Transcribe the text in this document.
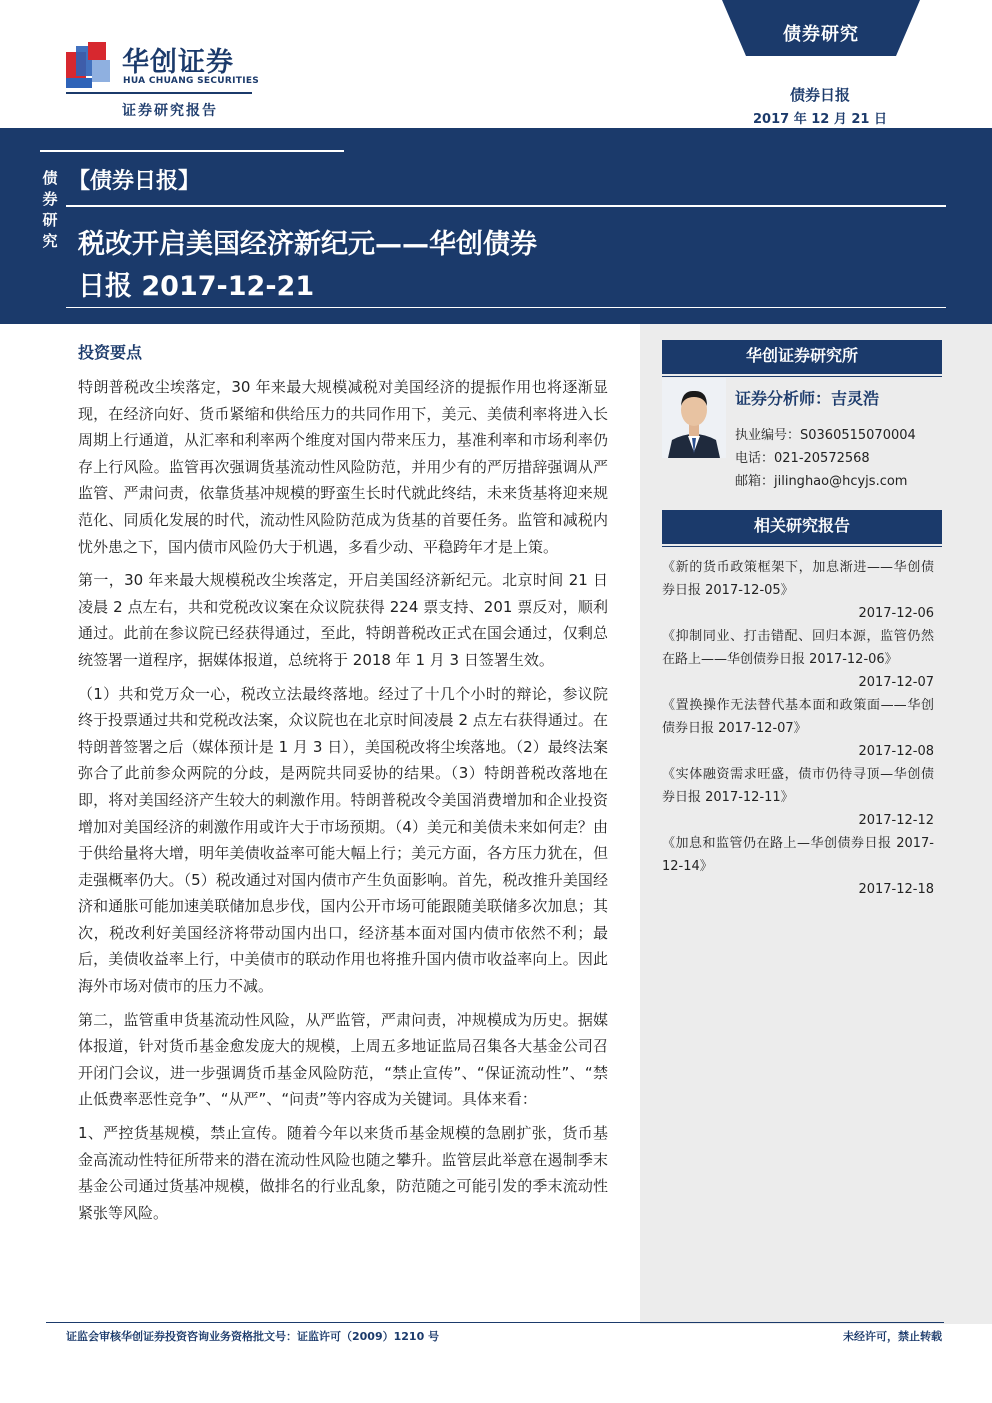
华创证券
HUA CHUANG SECURITIES
证券研究报告
债券研究
债券日报
2017 年 12 月 21 日
债券研究
【债券日报】
税改开启美国经济新纪元——华创债券
日报 2017-12-21
华创证券研究所
证券分析师：吉灵浩
执业编号：S0360515070004
电话：021-20572568
邮箱：jilinghao@hcyjs.com
相关研究报告
《新的货币政策框架下，加息渐进——华创债券日报 2017-12-05》
2017-12-06
《抑制同业、打击错配、回归本源，监管仍然在路上——华创债券日报 2017-12-06》
2017-12-07
《置换操作无法替代基本面和政策面——华创债券日报 2017-12-07》
2017-12-08
《实体融资需求旺盛，债市仍待寻顶—华创债券日报 2017-12-11》
2017-12-12
《加息和监管仍在路上—华创债券日报 2017-12-14》
2017-12-18
投资要点

特朗普税改尘埃落定，30 年来最大规模减税对美国经济的提振作用也将逐渐显现，在经济向好、货币紧缩和供给压力的共同作用下，美元、美债利率将进入长周期上行通道，从汇率和利率两个维度对国内带来压力，基准利率和市场利率仍存上行风险。监管再次强调货基流动性风险防范，并用少有的严厉措辞强调从严监管、严肃问责，依靠货基冲规模的野蛮生长时代就此终结，未来货基将迎来规范化、同质化发展的时代，流动性风险防范成为货基的首要任务。监管和减税内忧外患之下，国内债市风险仍大于机遇，多看少动、平稳跨年才是上策。

第一，30 年来最大规模税改尘埃落定，开启美国经济新纪元。北京时间 21 日凌晨 2 点左右，共和党税改议案在众议院获得 224 票支持、201 票反对，顺利通过。此前在参议院已经获得通过，至此，特朗普税改正式在国会通过，仅剩总统签署一道程序，据媒体报道，总统将于 2018 年 1 月 3 日签署生效。

（1）共和党万众一心，税改立法最终落地。经过了十几个小时的辩论，参议院终于投票通过共和党税改法案，众议院也在北京时间凌晨 2 点左右获得通过。在特朗普签署之后（媒体预计是 1 月 3 日），美国税改将尘埃落地。（2）最终法案弥合了此前参众两院的分歧，是两院共同妥协的结果。（3）特朗普税改落地在即，将对美国经济产生较大的刺激作用。特朗普税改令美国消费增加和企业投资增加对美国经济的刺激作用或许大于市场预期。（4）美元和美债未来如何走？由于供给量将大增，明年美债收益率可能大幅上行；美元方面，各方压力犹在，但走强概率仍大。（5）税改通过对国内债市产生负面影响。首先，税改推升美国经济和通胀可能加速美联储加息步伐，国内公开市场可能跟随美联储多次加息；其次，税改利好美国经济将带动国内出口，经济基本面对国内债市依然不利；最后，美债收益率上行，中美债市的联动作用也将推升国内债市收益率向上。因此海外市场对债市的压力不减。

第二，监管重申货基流动性风险，从严监管，严肃问责，冲规模成为历史。据媒体报道，针对货币基金愈发庞大的规模，上周五多地证监局召集各大基金公司召开闭门会议，进一步强调货币基金风险防范，“禁止宣传”、“保证流动性”、“禁止低费率恶性竞争”、“从严”、“问责”等内容成为关键词。具体来看：

1、严控货基规模，禁止宣传。随着今年以来货币基金规模的急剧扩张，货币基金高流动性特征所带来的潜在流动性风险也随之攀升。监管层此举意在遏制季末基金公司通过货基冲规模，做排名的行业乱象，防范随之可能引发的季末流动性紧张等风险。

证监会审核华创证券投资咨询业务资格批文号：证监许可（2009）1210 号	未经许可，禁止转载
